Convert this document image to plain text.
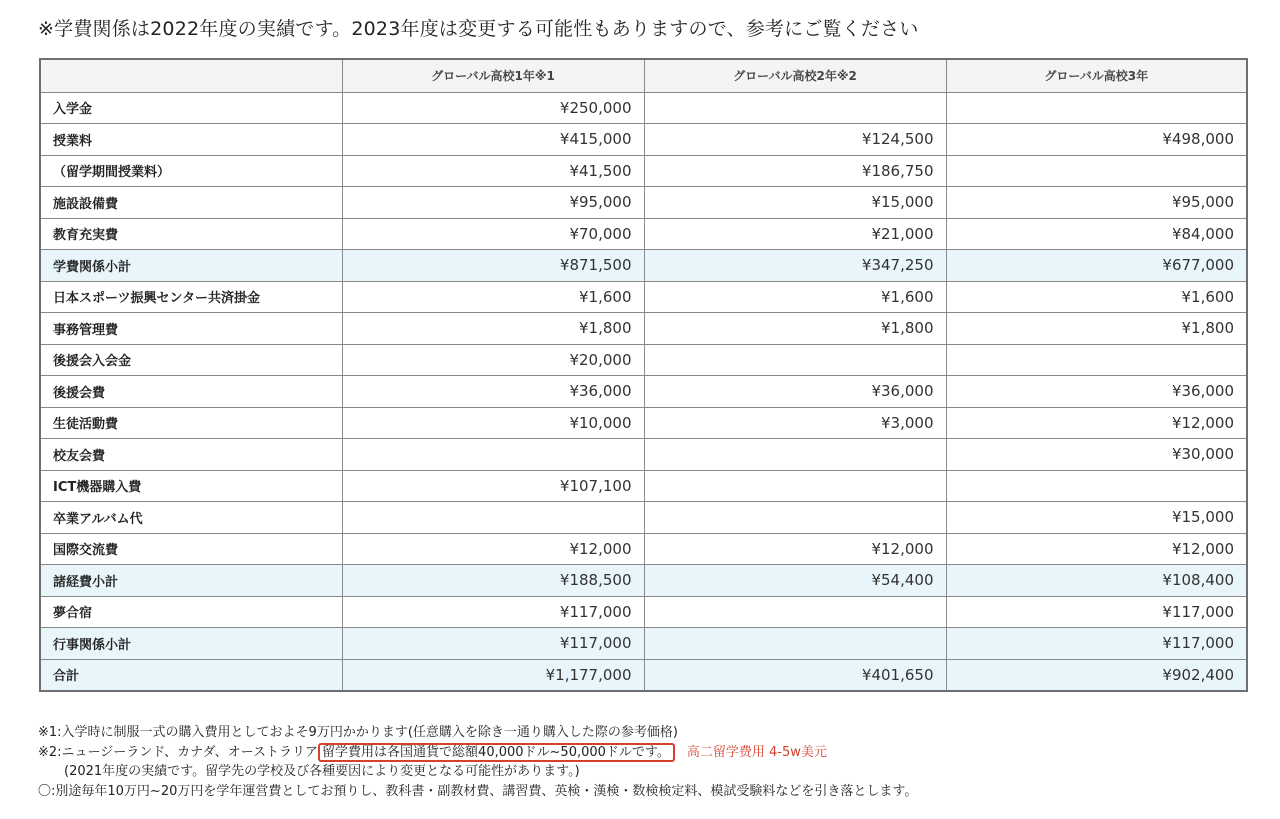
※学費関係は2022年度の実績です。2023年度は変更する可能性もありますので、参考にご覧ください
	グローバル高校1年※1	グローバル高校2年※2	グローバル高校3年
入学金	¥250,000		
授業料	¥415,000	¥124,500	¥498,000
（留学期間授業料）	¥41,500	¥186,750	
施設設備費	¥95,000	¥15,000	¥95,000
教育充実費	¥70,000	¥21,000	¥84,000
学費関係小計	¥871,500	¥347,250	¥677,000
日本スポーツ振興センター共済掛金	¥1,600	¥1,600	¥1,600
事務管理費	¥1,800	¥1,800	¥1,800
後援会入会金	¥20,000		
後援会費	¥36,000	¥36,000	¥36,000
生徒活動費	¥10,000	¥3,000	¥12,000
校友会費			¥30,000
ICT機器購入費	¥107,100		
卒業アルバム代			¥15,000
国際交流費	¥12,000	¥12,000	¥12,000
諸経費小計	¥188,500	¥54,400	¥108,400
夢合宿	¥117,000		¥117,000
行事関係小計	¥117,000		¥117,000
合計	¥1,177,000	¥401,650	¥902,400
※1:入学時に制服一式の購入費用としておよそ9万円かかります(任意購入を除き一通り購入した際の参考価格)
※2:ニュージーランド、カナダ、オーストラリア 留学費用は各国通貨で総額40,000ドル~50,000ドルです。 高二留学费用 4-5w美元
(2021年度の実績です。留学先の学校及び各種要因により変更となる可能性があります。)
〇:別途毎年10万円~20万円を学年運営費としてお預りし、教科書・副教材費、講習費、英検・漢検・数検検定料、模試受験料などを引き落とします。
